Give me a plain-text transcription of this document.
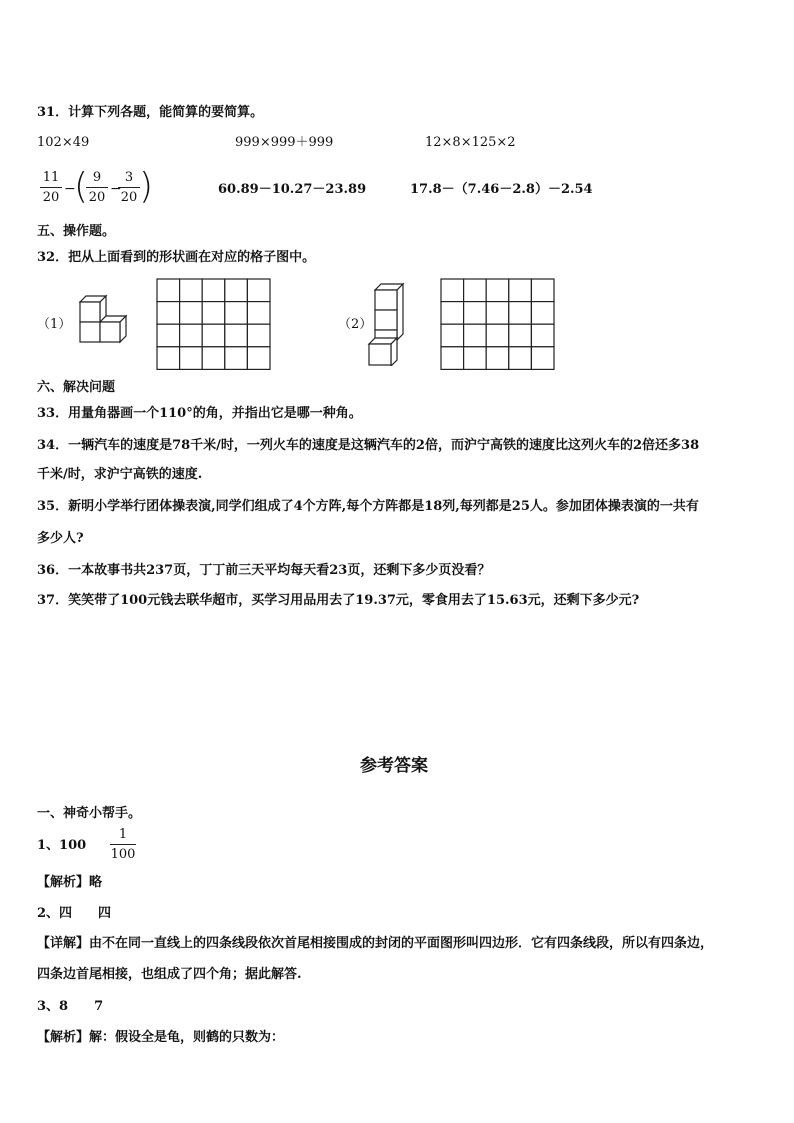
31．计算下列各题，能简算的要简算。
102×49	999×999＋999	12×8×125×2
11
20
−
( 9
20
−
3
20 )	60.89－10.27－23.89	17.8－（7.46－2.8）－2.54
五、操作题。
32．把从上面看到的形状画在对应的格子图中。
（1）	（2）
六、解决问题
33．用量角器画一个110°的角，并指出它是哪一种角。
34．一辆汽车的速度是78千米/时，一列火车的速度是这辆汽车的2倍，而沪宁高铁的速度比这列火车的2倍还多38
千米/时，求沪宁高铁的速度.
35．新明小学举行团体操表演,同学们组成了4个方阵,每个方阵都是18列,每列都是25人。参加团体操表演的一共有
多少人?
36．一本故事书共237页，丁丁前三天平均每天看23页，还剩下多少页没看？
37．笑笑带了100元钱去联华超市，买学习用品用去了19.37元，零食用去了15.63元，还剩下多少元?
参考答案
一、神奇小帮手。
1、100
1
100
【解析】略
2、四　　四
【详解】由不在同一直线上的四条线段依次首尾相接围成的封闭的平面图形叫四边形．它有四条线段，所以有四条边，
四条边首尾相接，也组成了四个角；据此解答.
3、8　　7
【解析】解：假设全是龟，则鹤的只数为：
